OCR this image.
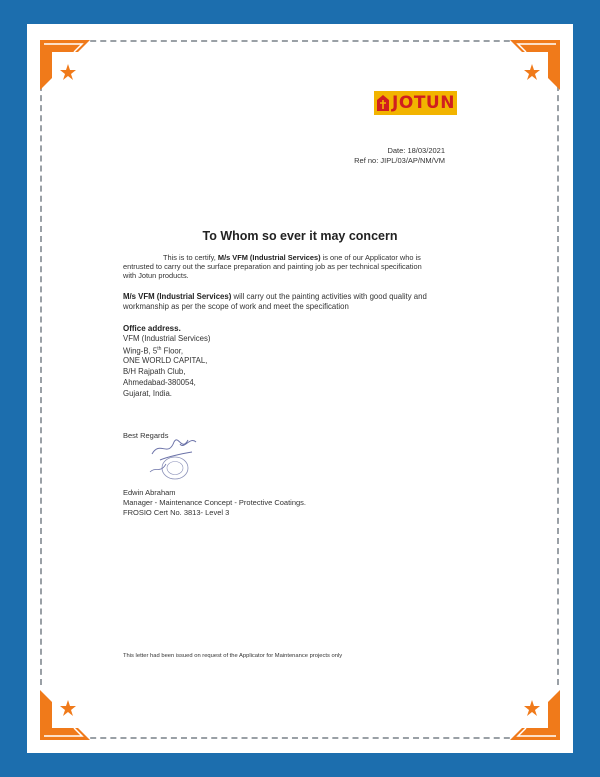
JOTUN
Date: 18/03/2021
Ref no: JIPL/03/AP/NM/VM
To Whom so ever it may concern
This is to certify, M/s VFM (Industrial Services) is one of our Applicator who is
entrusted to carry out the surface preparation and painting job as per technical specification
with Jotun products.
M/s VFM (Industrial Services) will carry out the painting activities with good quality and
workmanship as per the scope of work and meet the specification
Office address.
VFM (Industrial Services)
Wing-B, 5th Floor,
ONE WORLD CAPITAL,
B/H Rajpath Club,
Ahmedabad-380054,
Gujarat, India.
Best Regards
Edwin Abraham
Manager - Maintenance Concept - Protective Coatings.
FROSIO Cert No. 3813- Level 3
This letter had been issued on request of the Applicator for Maintenance projects only
